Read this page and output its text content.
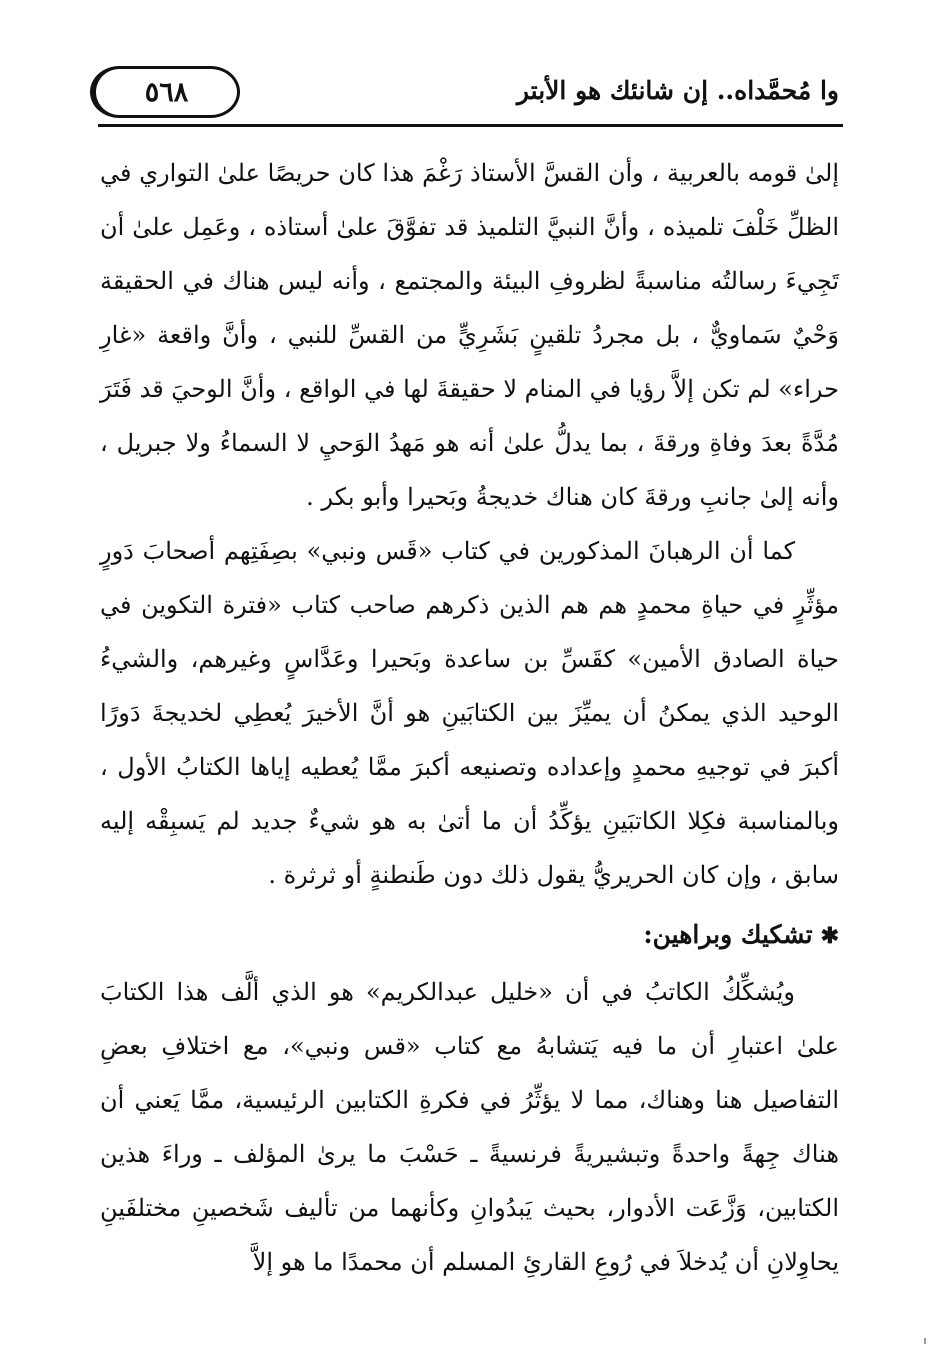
٥٦٨	وا مُحمَّداه.. إن شانئك هو الأبتر

إلىٰ قومه بالعربية ، وأن القسَّ الأستاذ رَغْمَ هذا كان حريصًا علىٰ التواري في الظلِّ خَلْفَ تلميذه ، وأنَّ النبيَّ التلميذ قد تفوَّقَ علىٰ أستاذه ، وعَمِل علىٰ أن تَجِيءَ رسالتُه مناسبةً لظروفِ البيئة والمجتمع ، وأنه ليس هناك في الحقيقة وَحْيٌ سَماويٌّ ، بل مجردُ تلقينٍ بَشَرِيٍّ من القسِّ للنبي ، وأنَّ واقعة «غارِ حراء» لم تكن إلاَّ رؤيا في المنام لا حقيقةَ لها في الواقع ، وأنَّ الوحيَ قد فَتَرَ مُدَّةً بعدَ وفاةِ ورقةَ ، بما يدلُّ علىٰ أنه هو مَهدُ الوَحيِ لا السماءُ ولا جبريل ، وأنه إلىٰ جانبِ ورقةَ كان هناك خديجةُ وبَحيرا وأبو بكر .

كما أن الرهبانَ المذكورين في كتاب «قَس ونبي» بصِفَتِهم أصحابَ دَورٍ مؤثِّرٍ في حياةِ محمدٍ هم هم الذين ذكرهم صاحب كتاب «فترة التكوين في حياة الصادق الأمين» كقَسِّ بن ساعدة وبَحيرا وعَدَّاسٍ وغيرهم، والشيءُ الوحيد الذي يمكنُ أن يميِّزَ بين الكتابَينِ هو أنَّ الأخيرَ يُعطِي لخديجةَ دَورًا أكبرَ في توجيهِ محمدٍ وإعداده وتصنيعه أكبرَ ممَّا يُعطيه إياها الكتابُ الأول ، وبالمناسبة فكِلا الكاتبَينِ يؤكِّدُ أن ما أتىٰ به هو شيءٌ جديد لم يَسبِقْه إليه سابق ، وإن كان الحريريُّ يقول ذلك دون طَنطنةٍ أو ثرثرة .

✱تشكيك وبراهين:

ويُشكِّكُ الكاتبُ في أن «خليل عبدالكريم» هو الذي ألَّف هذا الكتابَ علىٰ اعتبارِ أن ما فيه يَتشابهُ مع كتاب «قس ونبي»، مع اختلافِ بعضِ التفاصيل هنا وهناك، مما لا يؤثِّرُ في فكرةِ الكتابين الرئيسية، ممَّا يَعني أن هناك جِهةً واحدةً وتبشيريةً فرنسيةً ـ حَسْبَ ما يرىٰ المؤلف ـ وراءَ هذين الكتابين، وَزَّعَت الأدوار، بحيث يَبدُوانِ وكأنهما من تأليف شَخصينِ مختلفَينِ يحاوِلانِ أن يُدخلاَ في رُوعِ القارئِ المسلم أن محمدًا ما هو إلاَّ
